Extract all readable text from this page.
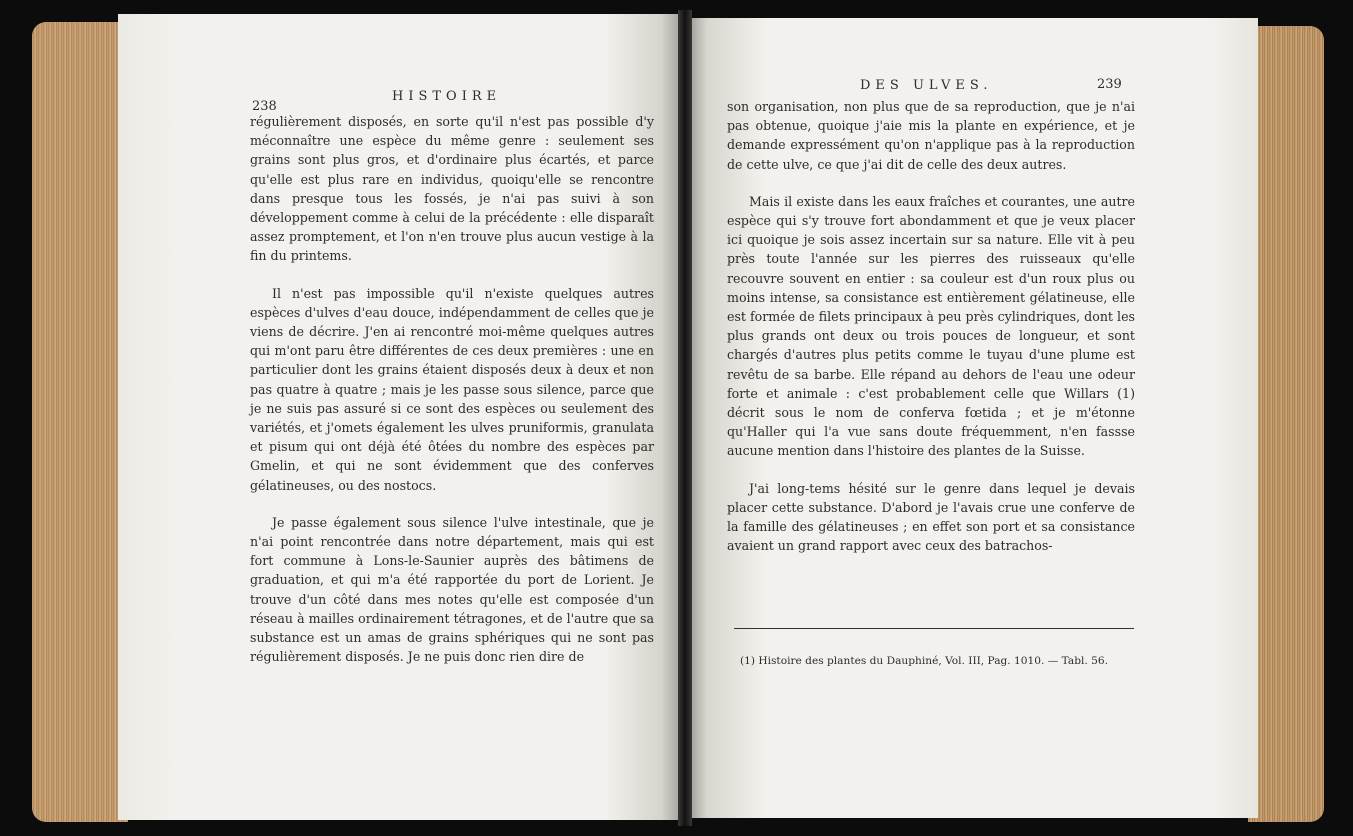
238
HISTOIRE

régulièrement disposés, en sorte qu'il n'est pas possible d'y méconnaître une espèce du même genre : seulement ses grains sont plus gros, et d'ordinaire plus écartés, et parce qu'elle est plus rare en individus, quoiqu'elle se rencontre dans presque tous les fossés, je n'ai pas suivi à son développement comme à celui de la précédente : elle disparaît assez promptement, et l'on n'en trouve plus aucun vestige à la fin du printems.

Il n'est pas impossible qu'il n'existe quelques autres espèces d'ulves d'eau douce, indépendamment de celles que je viens de décrire. J'en ai rencontré moi-même quelques autres qui m'ont paru être différentes de ces deux premières : une en particulier dont les grains étaient disposés deux à deux et non pas quatre à quatre ; mais je les passe sous silence, parce que je ne suis pas assuré si ce sont des espèces ou seulement des variétés, et j'omets également les ulves pruniformis, granulata et pisum qui ont déjà été ôtées du nombre des espèces par Gmelin, et qui ne sont évidemment que des conferves gélatineuses, ou des nostocs.

Je passe également sous silence l'ulve intestinale, que je n'ai point rencontrée dans notre département, mais qui est fort commune à Lons-le-Saunier auprès des bâtimens de graduation, et qui m'a été rapportée du port de Lorient. Je trouve d'un côté dans mes notes qu'elle est composée d'un réseau à mailles ordinairement tétragones, et de l'autre que sa substance est un amas de grains sphériques qui ne sont pas régulièrement disposés. Je ne puis donc rien dire de

DES ULVES.	239

son organisation, non plus que de sa reproduction, que je n'ai pas obtenue, quoique j'aie mis la plante en expérience, et je demande expressément qu'on n'applique pas à la reproduction de cette ulve, ce que j'ai dit de celle des deux autres.

Mais il existe dans les eaux fraîches et courantes, une autre espèce qui s'y trouve fort abondamment et que je veux placer ici quoique je sois assez incertain sur sa nature. Elle vit à peu près toute l'année sur les pierres des ruisseaux qu'elle recouvre souvent en entier : sa couleur est d'un roux plus ou moins intense, sa consistance est entièrement gélatineuse, elle est formée de filets principaux à peu près cylindriques, dont les plus grands ont deux ou trois pouces de longueur, et sont chargés d'autres plus petits comme le tuyau d'une plume est revêtu de sa barbe. Elle répand au dehors de l'eau une odeur forte et animale : c'est probablement celle que Willars (1) décrit sous le nom de conferva fœtida ; et je m'étonne qu'Haller qui l'a vue sans doute fréquemment, n'en fassse aucune mention dans l'histoire des plantes de la Suisse.

J'ai long-tems hésité sur le genre dans lequel je devais placer cette substance. D'abord je l'avais crue une conferve de la famille des gélatineuses ; en effet son port et sa consistance avaient un grand rapport avec ceux des batrachos-

(1) Histoire des plantes du Dauphiné, Vol. III, Pag. 1010. — Tabl. 56.
